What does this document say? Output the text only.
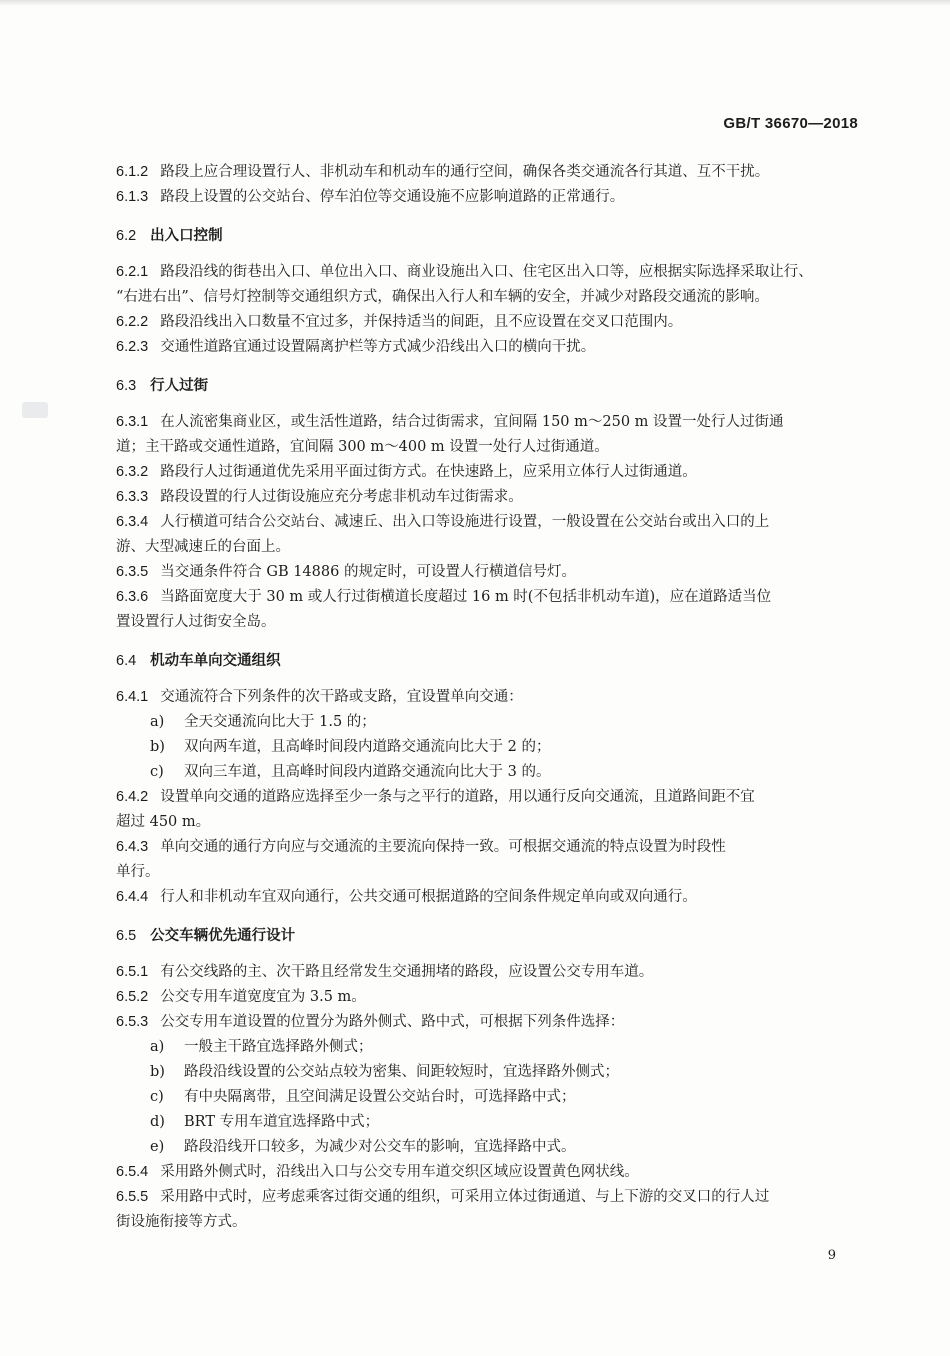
GB/T 36670—2018
6.1.2 路段上应合理设置行人、非机动车和机动车的通行空间，确保各类交通流各行其道、互不干扰。
6.1.3 路段上设置的公交站台、停车泊位等交通设施不应影响道路的正常通行。
6.2 出入口控制
6.2.1 路段沿线的街巷出入口、单位出入口、商业设施出入口、住宅区出入口等，应根据实际选择采取让行、
“右进右出”、信号灯控制等交通组织方式，确保出入行人和车辆的安全，并减少对路段交通流的影响。
6.2.2 路段沿线出入口数量不宜过多，并保持适当的间距，且不应设置在交叉口范围内。
6.2.3 交通性道路宜通过设置隔离护栏等方式减少沿线出入口的横向干扰。
6.3 行人过街
6.3.1 在人流密集商业区，或生活性道路，结合过街需求，宜间隔 150 m～250 m 设置一处行人过街通
道；主干路或交通性道路，宜间隔 300 m～400 m 设置一处行人过街通道。
6.3.2 路段行人过街通道优先采用平面过街方式。在快速路上，应采用立体行人过街通道。
6.3.3 路段设置的行人过街设施应充分考虑非机动车过街需求。
6.3.4 人行横道可结合公交站台、减速丘、出入口等设施进行设置，一般设置在公交站台或出入口的上
游、大型减速丘的台面上。
6.3.5 当交通条件符合 GB 14886 的规定时，可设置人行横道信号灯。
6.3.6 当路面宽度大于 30 m 或人行过街横道长度超过 16 m 时(不包括非机动车道)，应在道路适当位
置设置行人过街安全岛。
6.4 机动车单向交通组织
6.4.1 交通流符合下列条件的次干路或支路，宜设置单向交通：
a) 全天交通流向比大于 1.5 的；
b) 双向两车道，且高峰时间段内道路交通流向比大于 2 的；
c) 双向三车道，且高峰时间段内道路交通流向比大于 3 的。
6.4.2 设置单向交通的道路应选择至少一条与之平行的道路，用以通行反向交通流，且道路间距不宜
超过 450 m。
6.4.3 单向交通的通行方向应与交通流的主要流向保持一致。可根据交通流的特点设置为时段性
单行。
6.4.4 行人和非机动车宜双向通行，公共交通可根据道路的空间条件规定单向或双向通行。
6.5 公交车辆优先通行设计
6.5.1 有公交线路的主、次干路且经常发生交通拥堵的路段，应设置公交专用车道。
6.5.2 公交专用车道宽度宜为 3.5 m。
6.5.3 公交专用车道设置的位置分为路外侧式、路中式，可根据下列条件选择：
a) 一般主干路宜选择路外侧式；
b) 路段沿线设置的公交站点较为密集、间距较短时，宜选择路外侧式；
c) 有中央隔离带，且空间满足设置公交站台时，可选择路中式；
d) BRT 专用车道宜选择路中式；
e) 路段沿线开口较多，为减少对公交车的影响，宜选择路中式。
6.5.4 采用路外侧式时，沿线出入口与公交专用车道交织区域应设置黄色网状线。
6.5.5 采用路中式时，应考虑乘客过街交通的组织，可采用立体过街通道、与上下游的交叉口的行人过
街设施衔接等方式。
9
